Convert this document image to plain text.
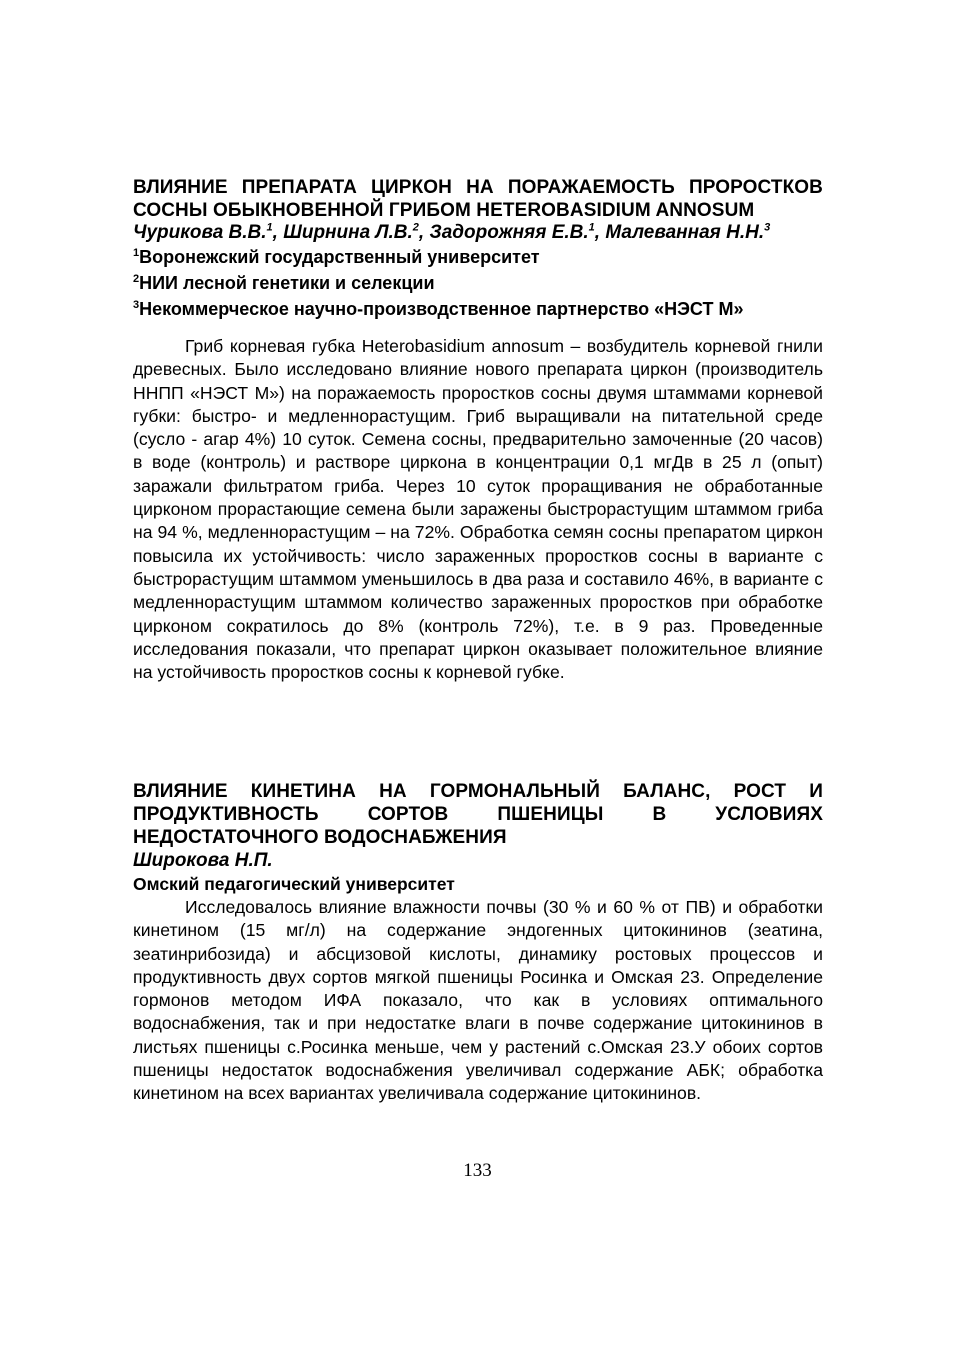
ВЛИЯНИЕ ПРЕПАРАТА ЦИРКОН НА ПОРАЖАЕМОСТЬ ПРОРОСТКОВ СОСНЫ ОБЫКНОВЕННОЙ ГРИБОМ HETEROBASIDIUM ANNOSUM

Чурикова В.В.$^1$, Ширнина Л.В.$^2$, Задорожняя Е.В.$^1$, Малеванная Н.Н.$^3$

$^1$Воронежский государственный университет

$^2$НИИ лесной генетики и селекции

$^3$Некоммерческое научно-производственное партнерство «НЭСТ М»

Гриб корневая губка Heterobasidium annosum – возбудитель корневой гнили древесных. Было исследовано влияние нового препарата циркон (производитель ННПП «НЭСТ М») на поражаемость проростков сосны двумя штаммами корневой губки: быстро- и медленнорастущим. Гриб выращивали на питательной среде (сусло - агар 4%) 10 суток. Семена сосны, предварительно замоченные (20 часов) в воде (контроль) и растворе циркона в концентрации 0,1 мгДв в 25 л (опыт) заражали фильтратом гриба. Через 10 суток проращивания не обработанные цирконом прорастающие семена были заражены быстрорастущим штаммом гриба на 94 %, медленнорастущим – на 72%. Обработка семян сосны препаратом циркон повысила их устойчивость: число зараженных проростков сосны в варианте с быстрорастущим штаммом уменьшилось в два раза и составило 46%, в варианте с медленнорастущим штаммом количество зараженных проростков при обработке цирконом сократилось до 8% (контроль 72%), т.е. в 9 раз. Проведенные исследования показали, что препарат циркон оказывает положительное влияние на устойчивость проростков сосны к корневой губке.

ВЛИЯНИЕ КИНЕТИНА НА ГОРМОНАЛЬНЫЙ БАЛАНС, РОСТ И ПРОДУКТИВНОСТЬ СОРТОВ ПШЕНИЦЫ В УСЛОВИЯХ НЕДОСТАТОЧНОГО ВОДОСНАБЖЕНИЯ

Широкова Н.П.

Омский педагогический университет

Исследовалось влияние влажности почвы (30 % и 60 % от ПВ) и обработки кинетином (15 мг/л) на содержание эндогенных цитокининов (зеатина, зеатинрибозида) и абсцизовой кислоты, динамику ростовых процессов и продуктивность двух сортов мягкой пшеницы Росинка и Омская 23. Определение гормонов методом ИФА показало, что как в условиях оптимального водоснабжения, так и при недостатке влаги в почве содержание цитокининов в листьях пшеницы с.Росинка меньше, чем у растений с.Омская 23.У обоих сортов пшеницы недостаток водоснабжения увеличивал содержание АБК; обработка кинетином на всех вариантах увеличивала содержание цитокининов.

133
